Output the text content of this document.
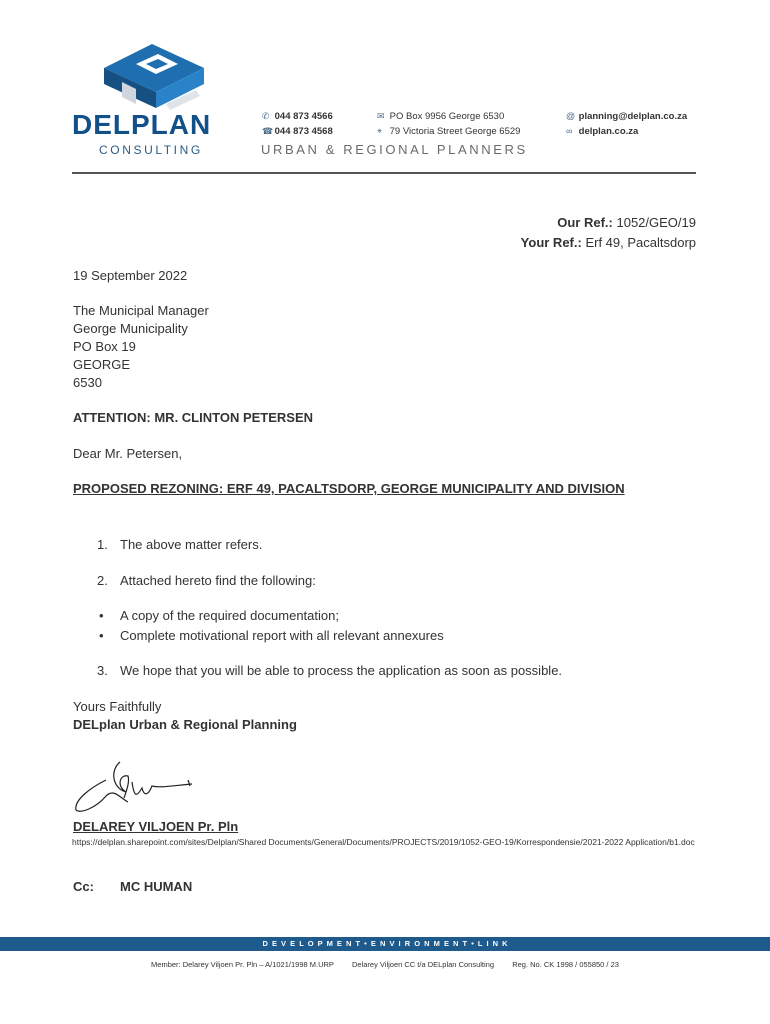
DELPLAN
CONSULTING
✆ 044 873 4566
☎ 044 873 4568
✉ PO Box 9956 George 6530
⌖ 79 Victoria Street George 6529
@ planning@delplan.co.za
∞ delplan.co.za
URBAN & REGIONAL PLANNERS
Our Ref.: 1052/GEO/19
Your Ref.: Erf 49, Pacaltsdorp
19 September 2022
The Municipal Manager
George Municipality
PO Box 19
GEORGE
6530
ATTENTION: MR. CLINTON PETERSEN
Dear Mr. Petersen,
PROPOSED REZONING: ERF 49, PACALTSDORP, GEORGE MUNICIPALITY AND DIVISION
1. The above matter refers.
2. Attached hereto find the following:
• A copy of the required documentation;
• Complete motivational report with all relevant annexures
3. We hope that you will be able to process the application as soon as possible.
Yours Faithfully
DELplan Urban & Regional Planning
DELAREY VILJOEN Pr. Pln
https://delplan.sharepoint.com/sites/Delplan/Shared Documents/General/Documents/PROJECTS/2019/1052-GEO-19/Korrespondensie/2021-2022 Application/b1.doc
Cc: MC HUMAN
D E V E L O P M E N T • E N V I R O N M E N T • L I N K
Member: Delarey Viljoen Pr. Pln – A/1021/1998 M.URP Delarey Viljoen CC t/a DELplan Consulting Reg. No. CK 1998 / 055850 / 23
